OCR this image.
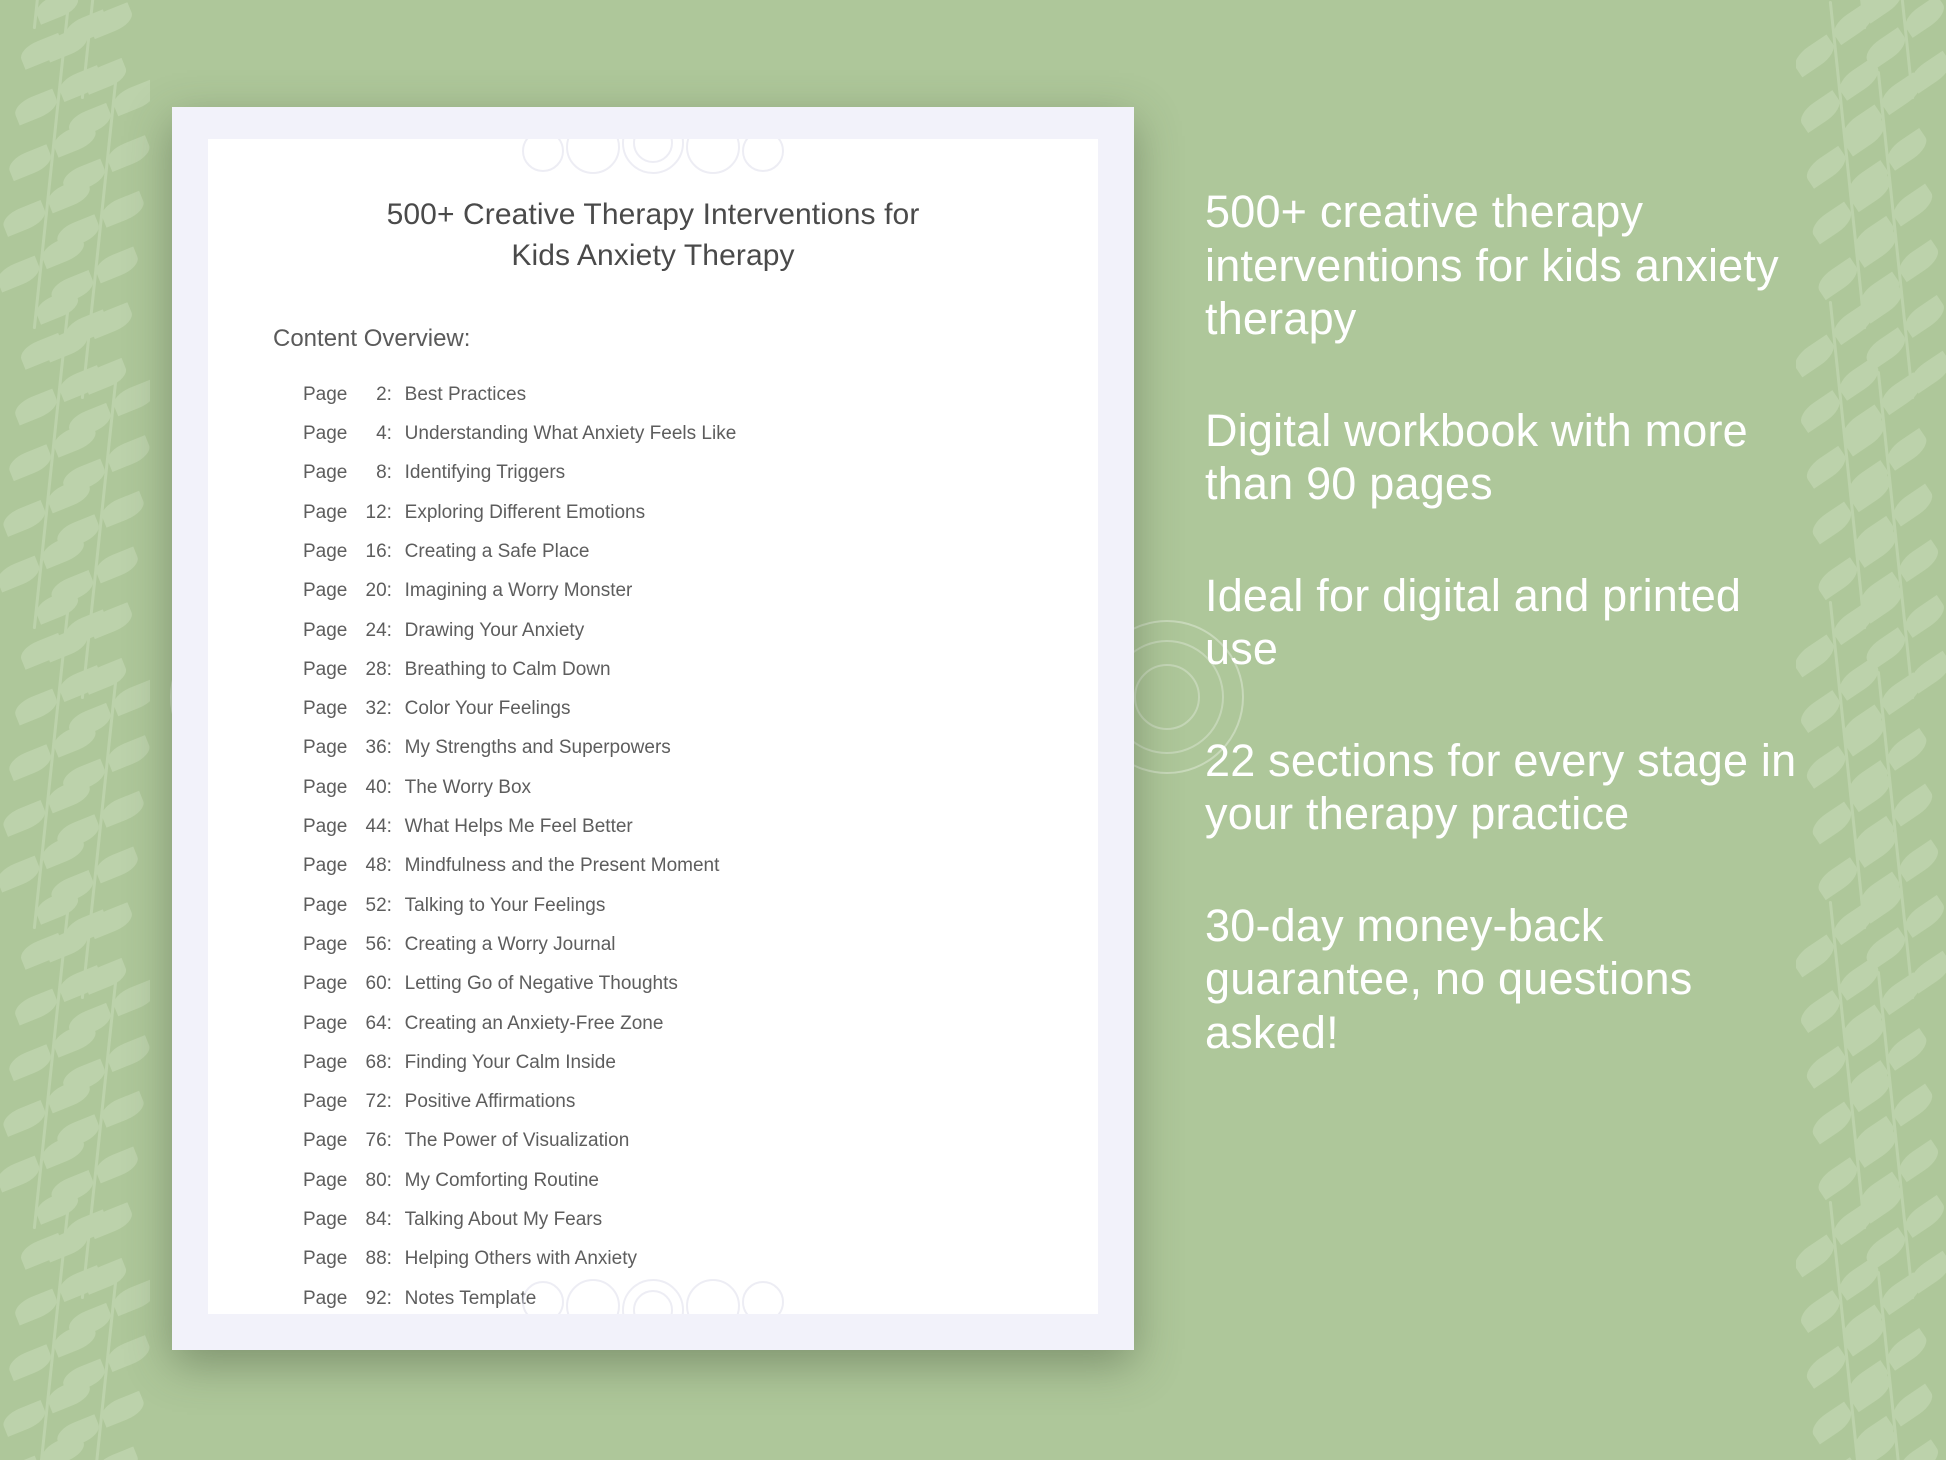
500+ Creative Therapy Interventions for
Kids Anxiety Therapy

Content Overview:

Page	2 : Best Practices
Page	4 : Understanding What Anxiety Feels Like
Page	8 : Identifying Triggers
Page 12 : Exploring Different Emotions
Page 16 : Creating a Safe Place
Page 20 : Imagining a Worry Monster
Page 24 : Drawing Your Anxiety
Page 28 : Breathing to Calm Down
Page 32 : Color Your Feelings
Page 36 : My Strengths and Superpowers
Page 40 : The Worry Box
Page 44 : What Helps Me Feel Better
Page 48 : Mindfulness and the Present Moment
Page 52 : Talking to Your Feelings
Page 56 : Creating a Worry Journal
Page 60 : Letting Go of Negative Thoughts
Page 64 : Creating an Anxiety-Free Zone
Page 68 : Finding Your Calm Inside
Page 72 : Positive Affirmations
Page 76 : The Power of Visualization
Page 80 : My Comforting Routine
Page 84 : Talking About My Fears
Page 88 : Helping Others with Anxiety
Page 92 : Notes Template

500+ creative therapy interventions for kids anxiety therapy

Digital workbook with more than 90 pages

Ideal for digital and printed use

22 sections for every stage in your therapy practice

30-day money-back guarantee, no questions asked!
